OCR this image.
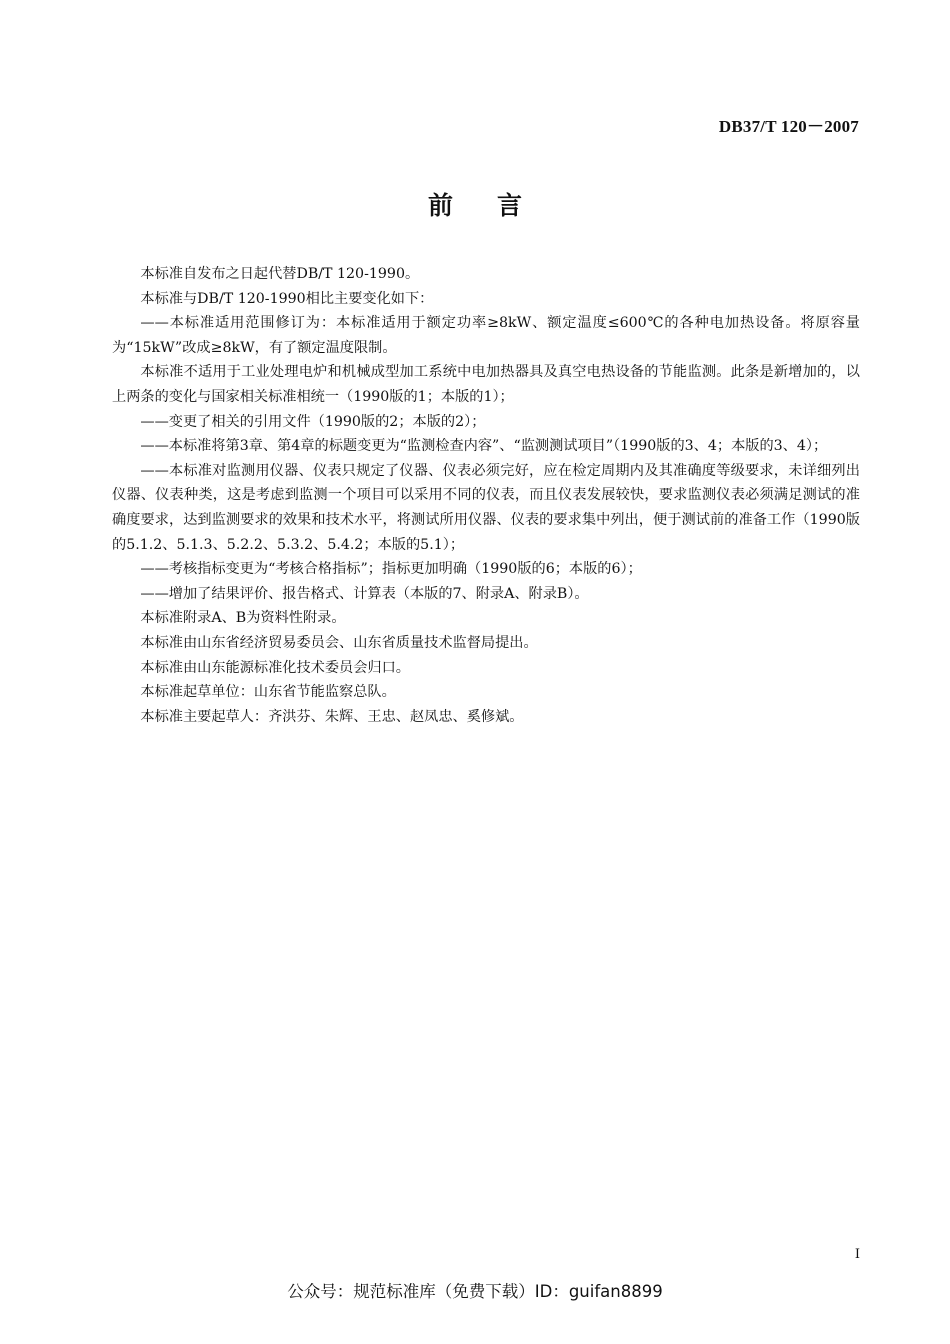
DB37/T 120－2007
前言

本标准自发布之日起代替DB/T 120-1990。

本标准与DB/T 120-1990相比主要变化如下：

——本标准适用范围修订为：本标准适用于额定功率≥8kW、额定温度≤600℃的各种电加热设备。将原容量为“15kW”改成≥8kW，有了额定温度限制。

本标准不适用于工业处理电炉和机械成型加工系统中电加热器具及真空电热设备的节能监测。此条是新增加的，以上两条的变化与国家相关标准相统一（1990版的1；本版的1）；

——变更了相关的引用文件（1990版的2；本版的2）；

——本标准将第3章、第4章的标题变更为“监测检查内容”、“监测测试项目”（1990版的3、4；本版的3、4）；

——本标准对监测用仪器、仪表只规定了仪器、仪表必须完好，应在检定周期内及其准确度等级要求，未详细列出仪器、仪表种类，这是考虑到监测一个项目可以采用不同的仪表，而且仪表发展较快，要求监测仪表必须满足测试的准确度要求，达到监测要求的效果和技术水平，将测试所用仪器、仪表的要求集中列出，便于测试前的准备工作（1990版的5.1.2、5.1.3、5.2.2、5.3.2、5.4.2；本版的5.1）；

——考核指标变更为“考核合格指标”；指标更加明确（1990版的6；本版的6）；

——增加了结果评价、报告格式、计算表（本版的7、附录A、附录B）。

本标准附录A、B为资料性附录。

本标准由山东省经济贸易委员会、山东省质量技术监督局提出。

本标准由山东能源标准化技术委员会归口。

本标准起草单位：山东省节能监察总队。

本标准主要起草人：齐洪芬、朱辉、王忠、赵凤忠、奚修斌。

I
公众号：规范标准库（免费下载）ID：guifan8899
